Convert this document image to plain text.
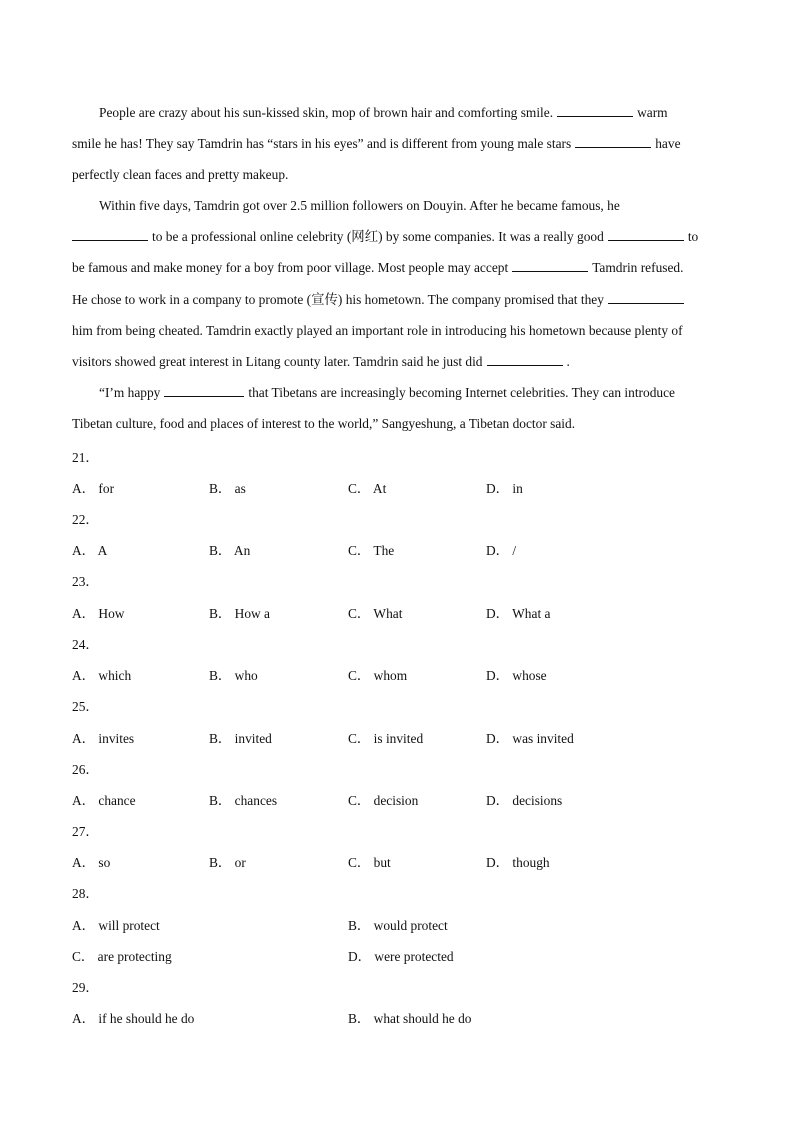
People are crazy about his sun-kissed skin, mop of brown hair and comforting smile.	warm
smile he has! They say Tamdrin has “stars in his eyes” and is different from young male stars	have
perfectly clean faces and pretty makeup.
Within five days, Tamdrin got over 2.5 million followers on Douyin. After he became famous, he
to be a professional online celebrity (网红) by some companies. It was a really good	to
be famous and make money for a boy from poor village. Most people may accept	Tamdrin refused.
He chose to work in a company to promote (宣传) his hometown. The company promised that they
him from being cheated. Tamdrin exactly played an important role in introducing his hometown because plenty of
visitors showed great interest in Litang county later. Tamdrin said he just did	.
“I’m happy	that Tibetans are increasingly becoming Internet celebrities. They can introduce
Tibetan culture, food and places of interest to the world,” Sangyeshung, a Tibetan doctor said.
21．
A． for	B． as	C． At	D． in
22．
A． A	B． An	C． The	D． /
23．
A． How	B． How a	C． What	D． What a
24．
A． which	B． who	C． whom	D． whose
25．
A． invites	B． invited	C． is invited	D． was invited
26．
A． chance	B． chances	C． decision	D． decisions
27．
A． so	B． or	C． but	D． though
28．
A． will protect	B． would protect
C． are protecting	D． were protected
29．
A． if he should he do	B． what should he do
